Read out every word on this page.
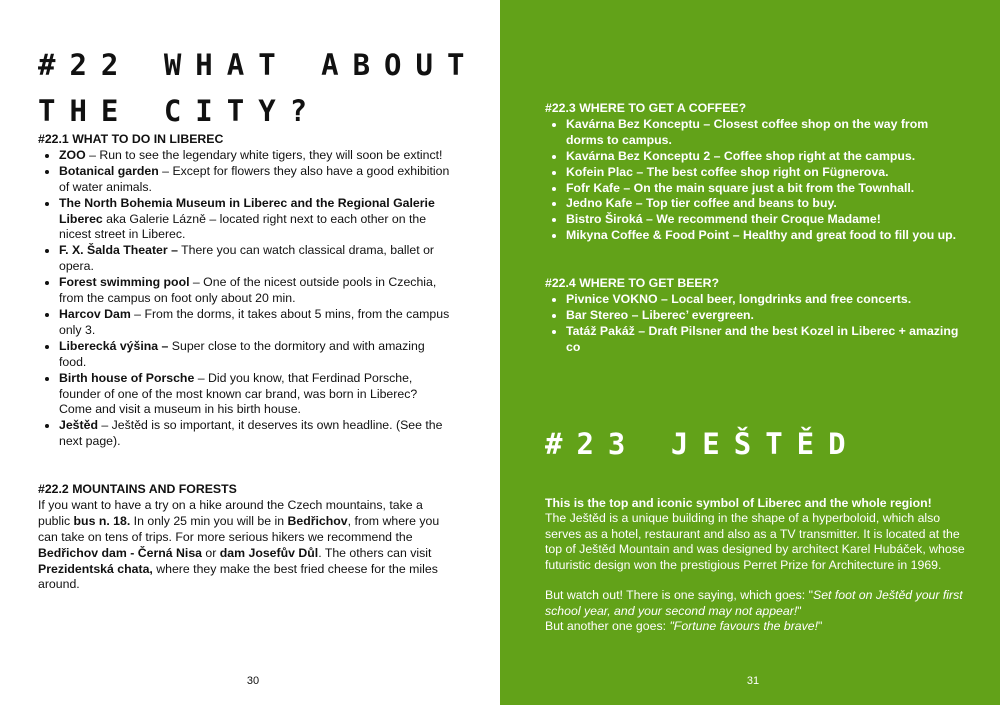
#22 WHAT ABOUT THE CITY?

#22.1 WHAT TO DO IN LIBEREC

• ZOO – Run to see the legendary white tigers, they will soon be extinct!
• Botanical garden – Except for flowers they also have a good exhibition of water animals.
• The North Bohemia Museum in Liberec and the Regional Galerie Liberec aka Galerie Lázně – located right next to each other on the nicest street in Liberec.
• F. X. Šalda Theater – There you can watch classical drama, ballet or opera.
• Forest swimming pool – One of the nicest outside pools in Czechia, from the campus on foot only about 20 min.
• Harcov Dam – From the dorms, it takes about 5 mins, from the campus only 3.
• Liberecká výšina – Super close to the dormitory and with amazing food.
• Birth house of Porsche – Did you know, that Ferdinad Porsche, founder of one of the most known car brand, was born in Liberec? Come and visit a museum in his birth house.
• Ještěd – Ještěd is so important, it deserves its own headline. (See the next page).

#22.2 MOUNTAINS AND FORESTS

If you want to have a try on a hike around the Czech mountains, take a public bus n. 18. In only 25 min you will be in Bedřichov, from where you can take on tens of trips. For more serious hikers we recommend the Bedřichov dam - Černá Nisa or dam Josefův Důl. The others can visit Prezidentská chata, where they make the best fried cheese for the miles around.

30

#22.3 WHERE TO GET A COFFEE?

• Kavárna Bez Konceptu – Closest coffee shop on the way from dorms to campus.
• Kavárna Bez Konceptu 2 – Coffee shop right at the campus.
• Kofein Plac – The best coffee shop right on Fügnerova.
• Fofr Kafe – On the main square just a bit from the Townhall.
• Jedno Kafe – Top tier coffee and beans to buy.
• Bistro Široká – We recommend their Croque Madame!
• Mikyna Coffee & Food Point – Healthy and great food to fill you up.

#22.4 WHERE TO GET BEER?

• Pivnice VOKNO – Local beer, longdrinks and free concerts.
• Bar Stereo – Liberec’ evergreen.
• Tatáž Pakáž – Draft Pilsner and the best Kozel in Liberec + amazing co
#23 JEŠTĚD

This is the top and iconic symbol of Liberec and the whole region!

The Ještěd is a unique building in the shape of a hyperboloid, which also serves as a hotel, restaurant and also as a TV transmitter. It is located at the top of Ještěd Mountain and was designed by architect Karel Hubáček, whose futuristic design won the prestigious Perret Prize for Architecture in 1969.

But watch out! There is one saying, which goes: "Set foot on Ještěd your first school year, and your second may not appear!"

But another one goes: "Fortune favours the brave!"

31
